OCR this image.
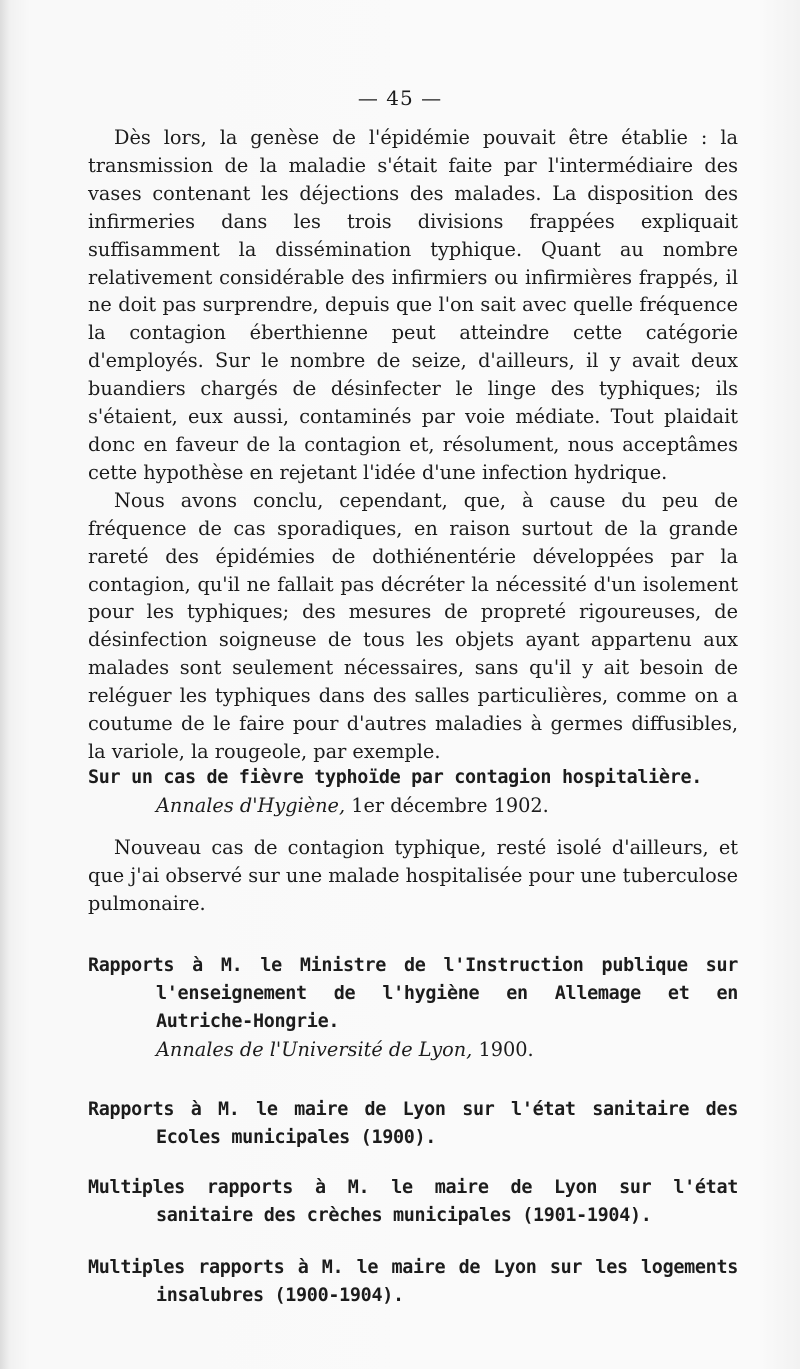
— 45 —

Dès lors, la genèse de l'épidémie pouvait être établie : la transmission de la maladie s'était faite par l'intermédiaire des vases contenant les déjections des malades. La disposition des infirmeries dans les trois divisions frappées expliquait suffisamment la dissémination typhique. Quant au nombre relativement considérable des infirmiers ou infirmières frappés, il ne doit pas surprendre, depuis que l'on sait avec quelle fréquence la contagion éberthienne peut atteindre cette catégorie d'employés. Sur le nombre de seize, d'ailleurs, il y avait deux buandiers chargés de désinfecter le linge des typhiques; ils s'étaient, eux aussi, contaminés par voie médiate. Tout plaidait donc en faveur de la contagion et, résolument, nous acceptâmes cette hypothèse en rejetant l'idée d'une infection hydrique.

Nous avons conclu, cependant, que, à cause du peu de fréquence de cas sporadiques, en raison surtout de la grande rareté des épidémies de dothiénentérie développées par la contagion, qu'il ne fallait pas décréter la nécessité d'un isolement pour les typhiques; des mesures de propreté rigoureuses, de désinfection soigneuse de tous les objets ayant appartenu aux malades sont seulement nécessaires, sans qu'il y ait besoin de reléguer les typhiques dans des salles particulières, comme on a coutume de le faire pour d'autres maladies à germes diffusibles, la variole, la rougeole, par exemple.

Sur un cas de fièvre typhoïde par contagion hospitalière.
Annales d'Hygiène, 1er décembre 1902.
Nouveau cas de contagion typhique, resté isolé d'ailleurs, et que j'ai observé sur une malade hospitalisée pour une tuberculose pulmonaire.
Rapports à M. le Ministre de l'Instruction publique sur l'enseignement de l'hygiène en Allemage et en Autriche-Hongrie.
Annales de l'Université de Lyon, 1900.
Rapports à M. le maire de Lyon sur l'état sanitaire des Ecoles municipales (1900).
Multiples rapports à M. le maire de Lyon sur l'état sanitaire des crèches municipales (1901-1904).
Multiples rapports à M. le maire de Lyon sur les logements insalubres (1900-1904).
